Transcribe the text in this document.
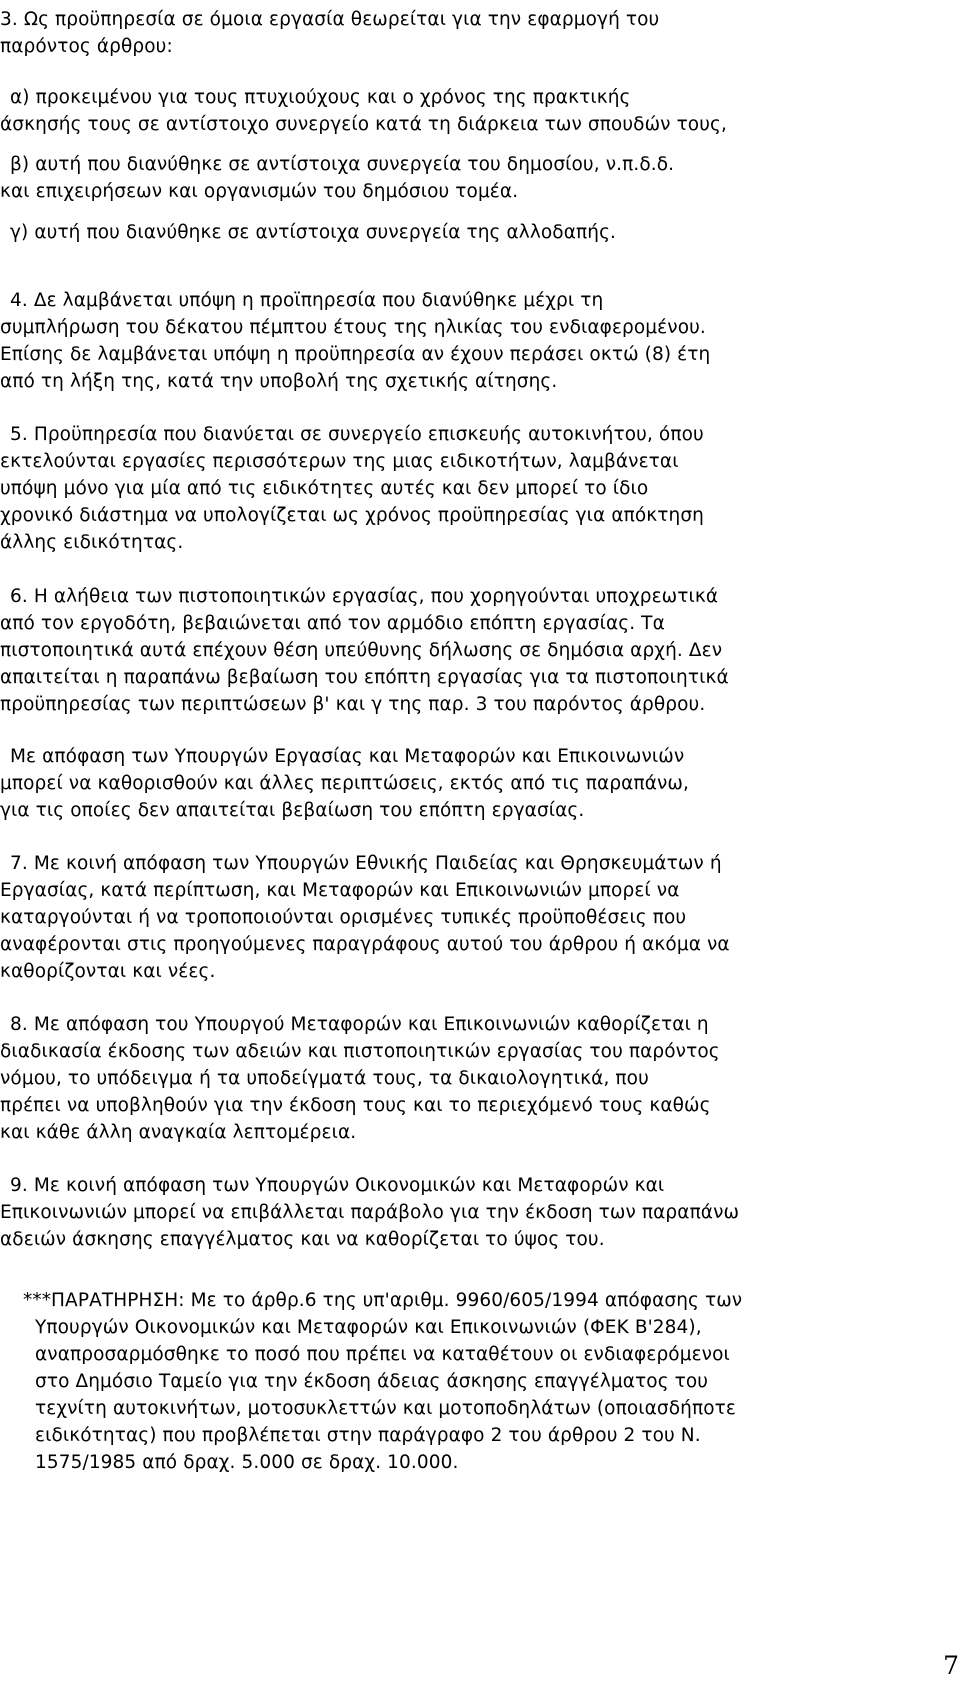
3. Ως προϋπηρεσία σε όμοια εργασία θεωρείται για την εφαρμογή του
παρόντος άρθρου:
α) προκειμένου για τους πτυχιούχους και ο χρόνος της πρακτικής
άσκησής τους σε αντίστοιχο συνεργείο κατά τη διάρκεια των σπουδών τους,
β) αυτή που διανύθηκε σε αντίστοιχα συνεργεία του δημοσίου, ν.π.δ.δ.
και επιχειρήσεων και οργανισμών του δημόσιου τομέα.
γ) αυτή που διανύθηκε σε αντίστοιχα συνεργεία της αλλοδαπής.
4. Δε λαμβάνεται υπόψη η προϊπηρεσία που διανύθηκε μέχρι τη
συμπλήρωση του δέκατου πέμπτου έτους της ηλικίας του ενδιαφερομένου.
Επίσης δε λαμβάνεται υπόψη η προϋπηρεσία αν έχουν περάσει οκτώ (8) έτη
από τη λήξη της, κατά την υποβολή της σχετικής αίτησης.
5. Προϋπηρεσία που διανύεται σε συνεργείο επισκευής αυτοκινήτου, όπου
εκτελούνται εργασίες περισσότερων της μιας ειδικοτήτων, λαμβάνεται
υπόψη μόνο για μία από τις ειδικότητες αυτές και δεν μπορεί το ίδιο
χρονικό διάστημα να υπολογίζεται ως χρόνος προϋπηρεσίας για απόκτηση
άλλης ειδικότητας.
6. Η αλήθεια των πιστοποιητικών εργασίας, που χορηγούνται υποχρεωτικά
από τον εργοδότη, βεβαιώνεται από τον αρμόδιο επόπτη εργασίας. Τα
πιστοποιητικά αυτά επέχουν θέση υπεύθυνης δήλωσης σε δημόσια αρχή. Δεν
απαιτείται η παραπάνω βεβαίωση του επόπτη εργασίας για τα πιστοποιητικά
προϋπηρεσίας των περιπτώσεων β' και γ της παρ. 3 του παρόντος άρθρου.
Με απόφαση των Υπουργών Εργασίας και Μεταφορών και Επικοινωνιών
μπορεί να καθορισθούν και άλλες περιπτώσεις, εκτός από τις παραπάνω,
για τις οποίες δεν απαιτείται βεβαίωση του επόπτη εργασίας.
7. Με κοινή απόφαση των Υπουργών Εθνικής Παιδείας και Θρησκευμάτων ή
Εργασίας, κατά περίπτωση, και Μεταφορών και Επικοινωνιών μπορεί να
καταργούνται ή να τροποποιούνται ορισμένες τυπικές προϋποθέσεις που
αναφέρονται στις προηγούμενες παραγράφους αυτού του άρθρου ή ακόμα να
καθορίζονται και νέες.
8. Με απόφαση του Υπουργού Μεταφορών και Επικοινωνιών καθορίζεται η
διαδικασία έκδοσης των αδειών και πιστοποιητικών εργασίας του παρόντος
νόμου, το υπόδειγμα ή τα υποδείγματά τους, τα δικαιολογητικά, που
πρέπει να υποβληθούν για την έκδοση τους και το περιεχόμενό τους καθώς
και κάθε άλλη αναγκαία λεπτομέρεια.
9. Με κοινή απόφαση των Υπουργών Οικονομικών και Μεταφορών και
Επικοινωνιών μπορεί να επιβάλλεται παράβολο για την έκδοση των παραπάνω
αδειών άσκησης επαγγέλματος και να καθορίζεται το ύψος του.
***ΠΑΡΑΤΗΡΗΣΗ: Με το άρθρ.6 της υπ'αριθμ. 9960/605/1994 απόφασης των
Υπουργών Οικονομικών και Μεταφορών και Επικοινωνιών (ΦΕΚ Β'284),
αναπροσαρμόσθηκε το ποσό που πρέπει να καταθέτουν οι ενδιαφερόμενοι
στο Δημόσιο Ταμείο για την έκδοση άδειας άσκησης επαγγέλματος του
τεχνίτη αυτοκινήτων, μοτοσυκλεττών και μοτοποδηλάτων (οποιασδήποτε
ειδικότητας) που προβλέπεται στην παράγραφο 2 του άρθρου 2 του Ν.
1575/1985 από δραχ. 5.000 σε δραχ. 10.000.
7
